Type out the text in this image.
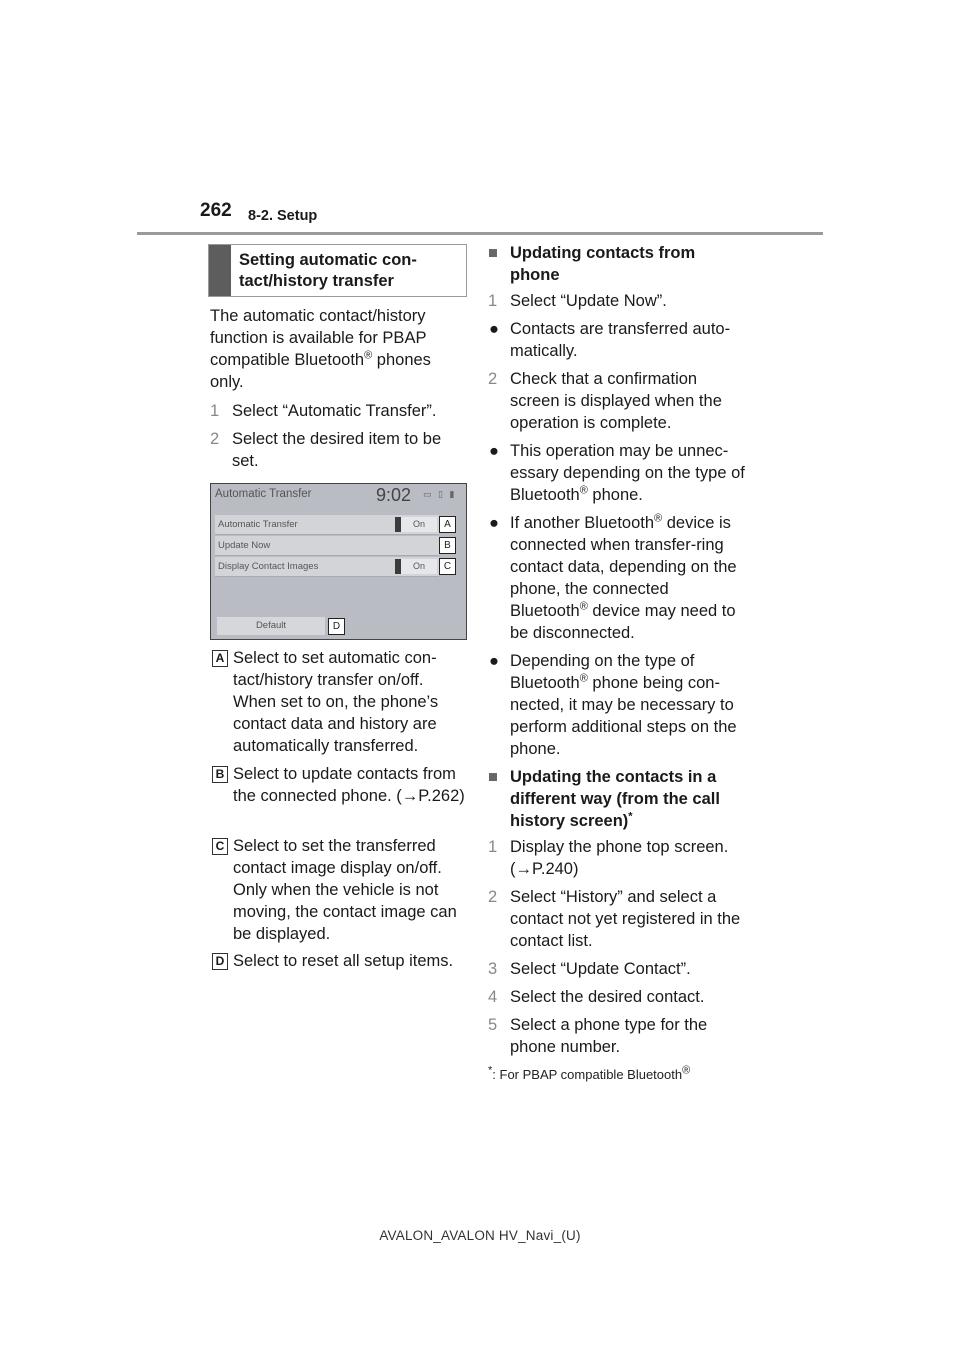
262 8-2. Setup
Setting automatic con-
tact/history transfer
The automatic contact/history function is available for PBAP compatible Bluetooth® phones only.
1 Select “Automatic Transfer”.
2 Select the desired item to be set.
Automatic Transfer	9:02 ▭ ▯ ▮
Automatic Transfer	On
Update Now
Display Contact Images	On
Default
A
B
C
D
A Select to set automatic con-tact/history transfer on/off. When set to on, the phone’s contact data and history are automatically transferred.
B Select to update contacts from the connected phone. (→P.262)
C Select to set the transferred contact image display on/off. Only when the vehicle is not moving, the contact image can be displayed.
D Select to reset all setup items.
■ Updating contacts from phone
1 Select “Update Now”.
● Contacts are transferred auto-matically.
2 Check that a confirmation screen is displayed when the operation is complete.
● This operation may be unnec-essary depending on the type of Bluetooth® phone.
● If another Bluetooth® device is connected when transfer-ring contact data, depending on the phone, the connected Bluetooth® device may need to be disconnected.
● Depending on the type of Bluetooth® phone being con-nected, it may be necessary to perform additional steps on the phone.
■ Updating the contacts in a different way (from the call history screen)*
1 Display the phone top screen. (→P.240)
2 Select “History” and select a contact not yet registered in the contact list.
3 Select “Update Contact”.
4 Select the desired contact.
5 Select a phone type for the phone number.
*: For PBAP compatible Bluetooth®
AVALON_AVALON HV_Navi_(U)
